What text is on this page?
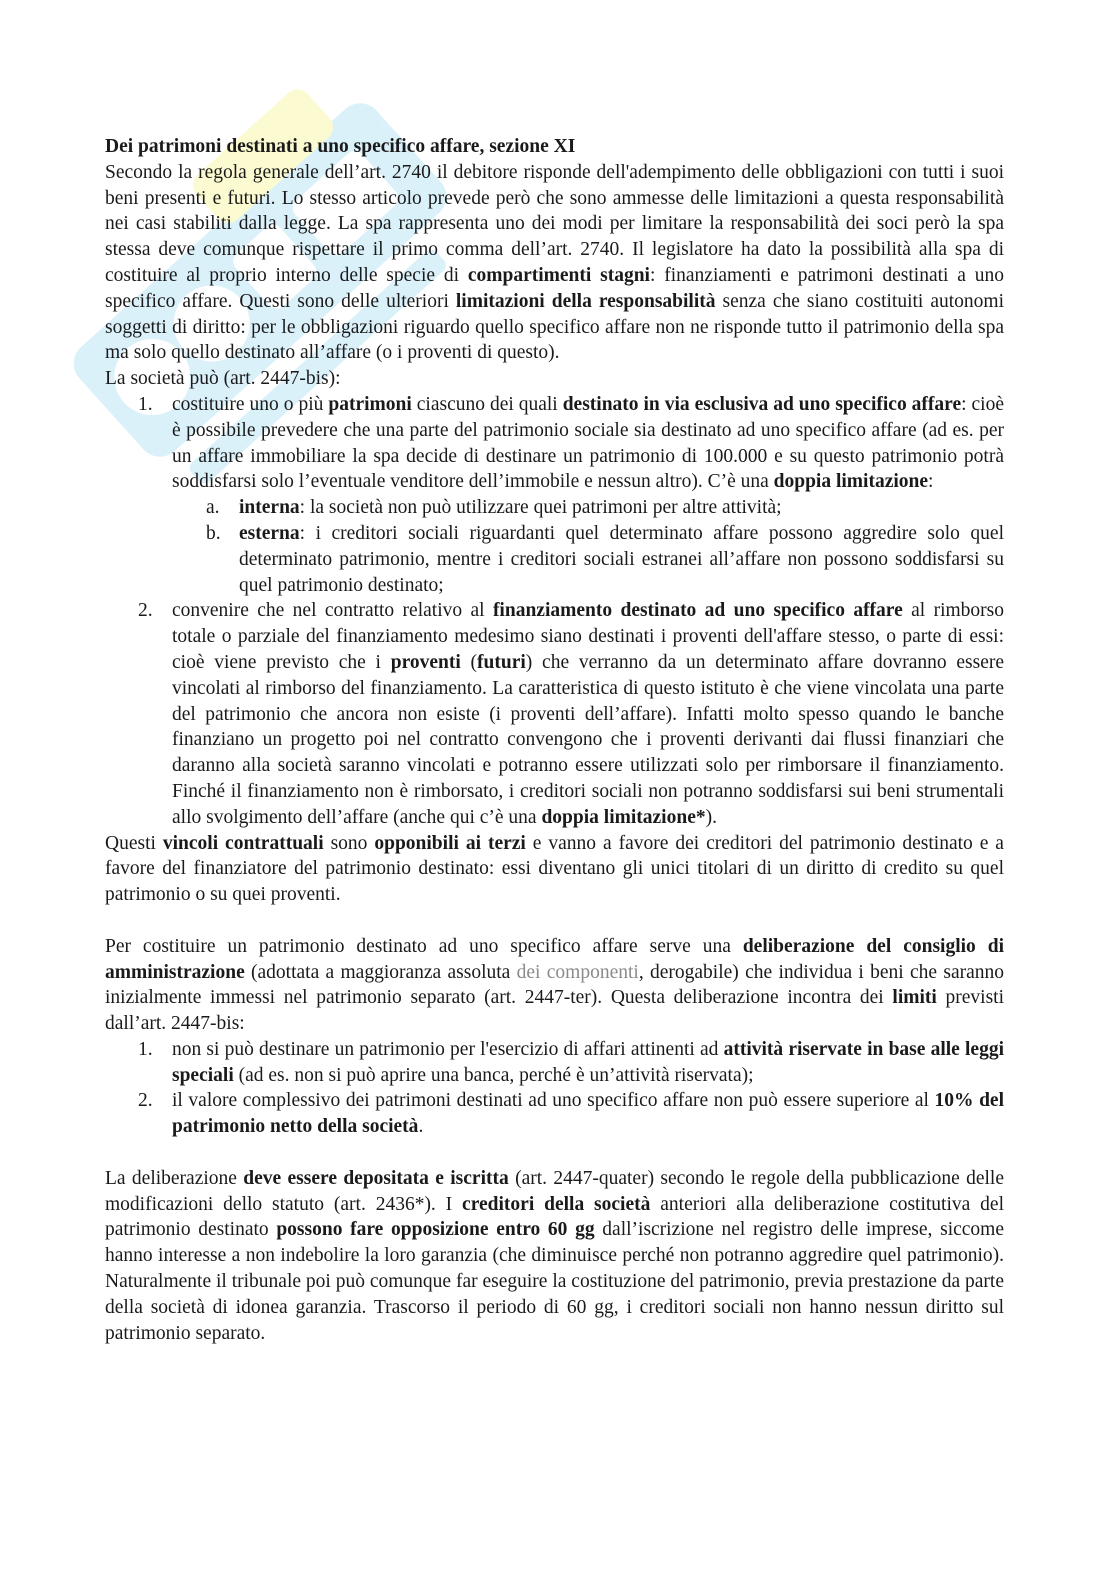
Dei patrimoni destinati a uno specifico affare, sezione XI

Secondo la regola generale dell’art. 2740 il debitore risponde dell'adempimento delle obbligazioni con tutti i suoi beni presenti e futuri. Lo stesso articolo prevede però che sono ammesse delle limitazioni a questa responsabilità nei casi stabiliti dalla legge. La spa rappresenta uno dei modi per limitare la responsabilità dei soci però la spa stessa deve comunque rispettare il primo comma dell’art. 2740. Il legislatore ha dato la possibilità alla spa di costituire al proprio interno delle specie di compartimenti stagni: finanziamenti e patrimoni destinati a uno specifico affare. Questi sono delle ulteriori limitazioni della responsabilità senza che siano costituiti autonomi soggetti di diritto: per le obbligazioni riguardo quello specifico affare non ne risponde tutto il patrimonio della spa ma solo quello destinato all’affare (o i proventi di questo).

La società può (art. 2447-bis):

1. costituire uno o più patrimoni ciascuno dei quali destinato in via esclusiva ad uno specifico affare: cioè è possibile prevedere che una parte del patrimonio sociale sia destinato ad uno specifico affare (ad es. per un affare immobiliare la spa decide di destinare un patrimonio di 100.000 e su questo patrimonio potrà soddisfarsi solo l’eventuale venditore dell’immobile e nessun altro). C’è una doppia limitazione:

a. interna: la società non può utilizzare quei patrimoni per altre attività;

b. esterna: i creditori sociali riguardanti quel determinato affare possono aggredire solo quel determinato patrimonio, mentre i creditori sociali estranei all’affare non possono soddisfarsi su quel patrimonio destinato;

2. convenire che nel contratto relativo al finanziamento destinato ad uno specifico affare al rimborso totale o parziale del finanziamento medesimo siano destinati i proventi dell'affare stesso, o parte di essi: cioè viene previsto che i proventi (futuri) che verranno da un determinato affare dovranno essere vincolati al rimborso del finanziamento. La caratteristica di questo istituto è che viene vincolata una parte del patrimonio che ancora non esiste (i proventi dell’affare). Infatti molto spesso quando le banche finanziano un progetto poi nel contratto convengono che i proventi derivanti dai flussi finanziari che daranno alla società saranno vincolati e potranno essere utilizzati solo per rimborsare il finanziamento. Finché il finanziamento non è rimborsato, i creditori sociali non potranno soddisfarsi sui beni strumentali allo svolgimento dell’affare (anche qui c’è una doppia limitazione*).

Questi vincoli contrattuali sono opponibili ai terzi e vanno a favore dei creditori del patrimonio destinato e a favore del finanziatore del patrimonio destinato: essi diventano gli unici titolari di un diritto di credito su quel patrimonio o su quei proventi.

Per costituire un patrimonio destinato ad uno specifico affare serve una deliberazione del consiglio di amministrazione (adottata a maggioranza assoluta dei componenti, derogabile) che individua i beni che saranno inizialmente immessi nel patrimonio separato (art. 2447-ter). Questa deliberazione incontra dei limiti previsti dall’art. 2447-bis:

1. non si può destinare un patrimonio per l'esercizio di affari attinenti ad attività riservate in base alle leggi speciali (ad es. non si può aprire una banca, perché è un’attività riservata);

2. il valore complessivo dei patrimoni destinati ad uno specifico affare non può essere superiore al 10% del patrimonio netto della società.

La deliberazione deve essere depositata e iscritta (art. 2447-quater) secondo le regole della pubblicazione delle modificazioni dello statuto (art. 2436*). I creditori della società anteriori alla deliberazione costitutiva del patrimonio destinato possono fare opposizione entro 60 gg dall’iscrizione nel registro delle imprese, siccome hanno interesse a non indebolire la loro garanzia (che diminuisce perché non potranno aggredire quel patrimonio). Naturalmente il tribunale poi può comunque far eseguire la costituzione del patrimonio, previa prestazione da parte della società di idonea garanzia. Trascorso il periodo di 60 gg, i creditori sociali non hanno nessun diritto sul patrimonio separato.
